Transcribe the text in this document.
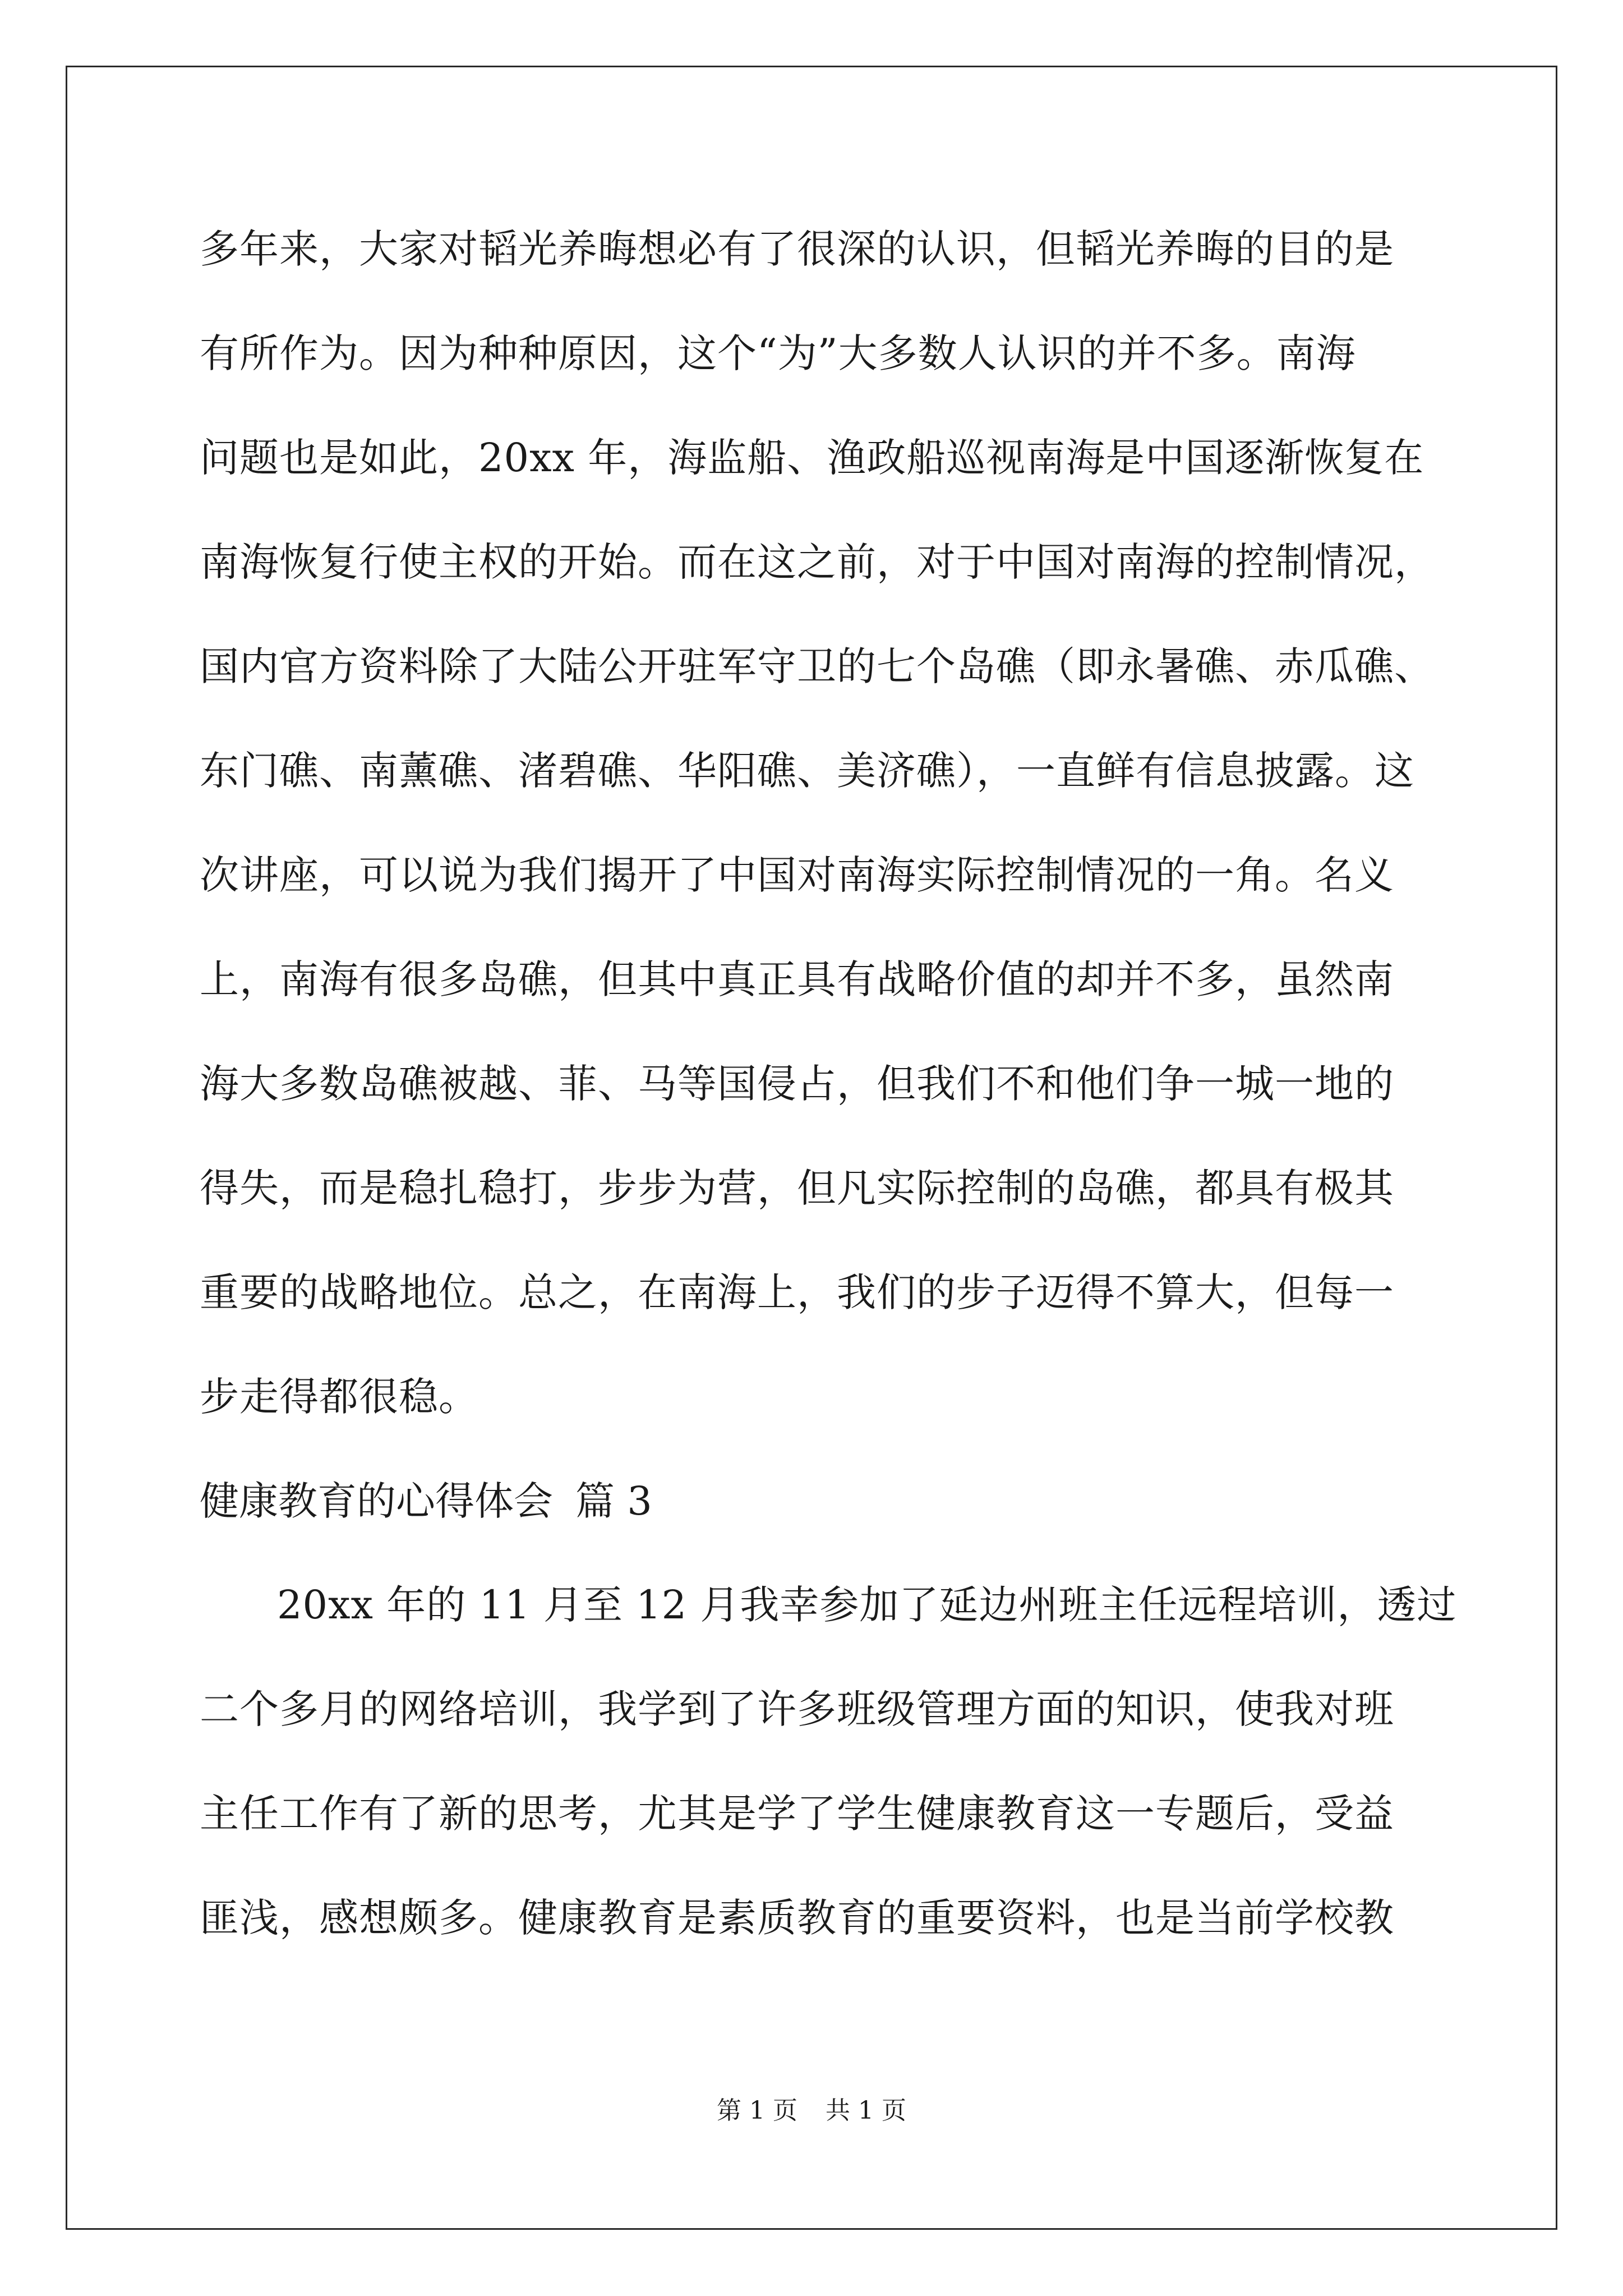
多年来，大家对韬光养晦想必有了很深的认识，但韬光养晦的目的是
有所作为。因为种种原因，这个“为”大多数人认识的并不多。南海
问题也是如此，20xx 年，海监船、渔政船巡视南海是中国逐渐恢复在
南海恢复行使主权的开始。而在这之前，对于中国对南海的控制情况，
国内官方资料除了大陆公开驻军守卫的七个岛礁（即永暑礁、赤瓜礁、
东门礁、南薰礁、渚碧礁、华阳礁、美济礁），一直鲜有信息披露。这
次讲座，可以说为我们揭开了中国对南海实际控制情况的一角。名义
上，南海有很多岛礁，但其中真正具有战略价值的却并不多，虽然南
海大多数岛礁被越、菲、马等国侵占，但我们不和他们争一城一地的
得失，而是稳扎稳打，步步为营，但凡实际控制的岛礁，都具有极其
重要的战略地位。总之，在南海上，我们的步子迈得不算大，但每一
步走得都很稳。
健康教育的心得体会 篇 3
20xx 年的 11 月至 12 月我幸参加了延边州班主任远程培训，透过
二个多月的网络培训，我学到了许多班级管理方面的知识，使我对班
主任工作有了新的思考，尤其是学了学生健康教育这一专题后，受益
匪浅，感想颇多。健康教育是素质教育的重要资料，也是当前学校教
第 1 页 共 1 页
